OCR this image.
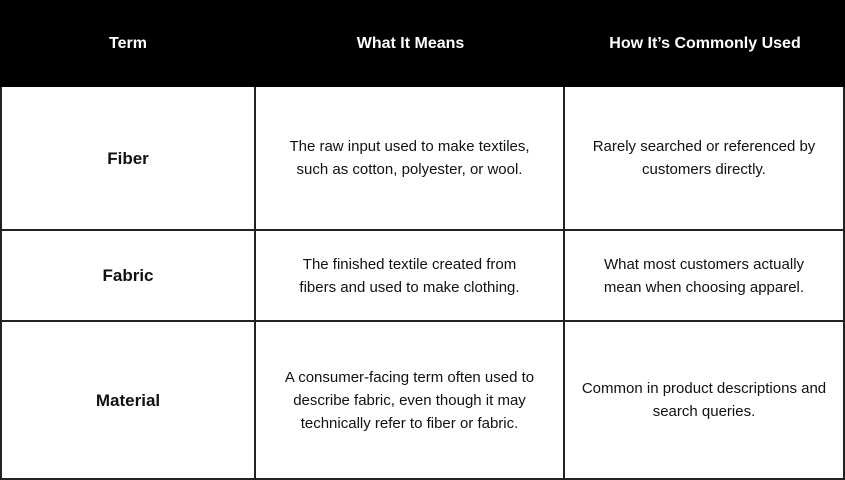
Term	What It Means	How It’s Commonly Used
Fiber
The raw input used to make textiles, such as cotton, polyester, or wool.
Rarely searched or referenced by customers directly.
Fabric
The finished textile created from fibers and used to make clothing.
What most customers actually mean when choosing apparel.
Material
A consumer-facing term often used to describe fabric, even though it may technically refer to fiber or fabric.
Common in product descriptions and search queries.
